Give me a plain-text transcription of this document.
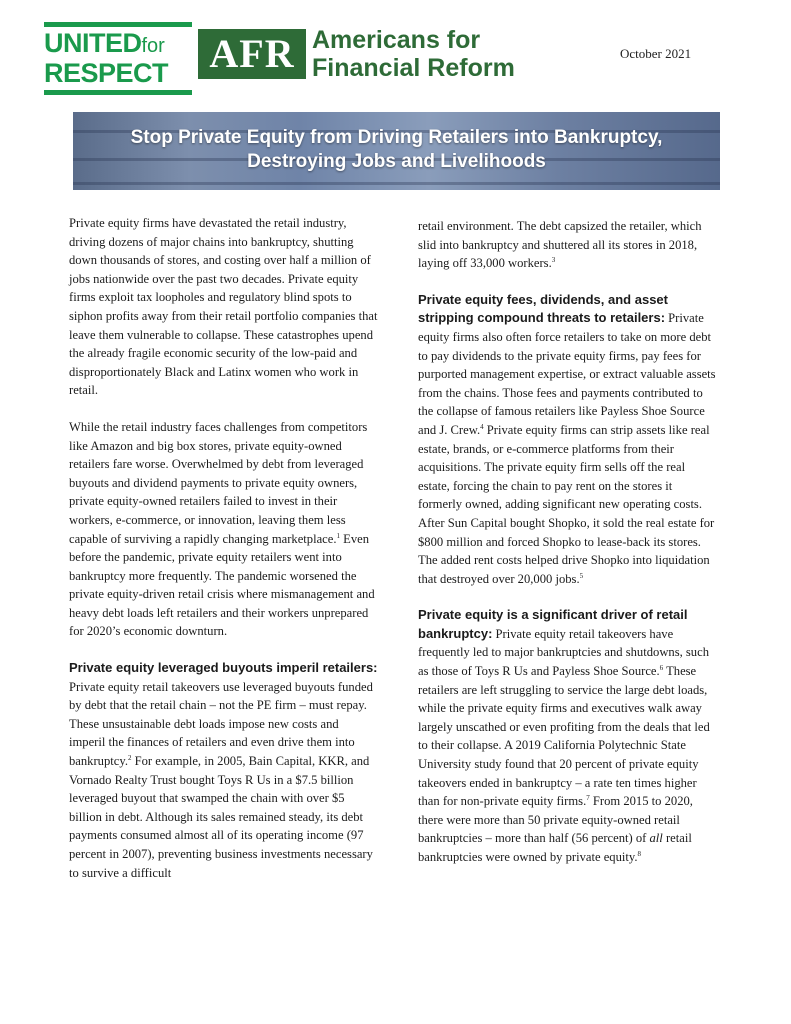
UNITEDfor
RESPECT	AFR Americans for
Financial Reform
October 2021
Stop Private Equity from Driving Retailers into Bankruptcy,
Destroying Jobs and Livelihoods

Private equity firms have devastated the retail industry, driving dozens of major chains into bankruptcy, shutting down thousands of stores, and costing over half a million of jobs nationwide over the past two decades. Private equity firms exploit tax loopholes and regulatory blind spots to siphon profits away from their retail portfolio companies that leave them vulnerable to collapse. These catastrophes upend the already fragile economic security of the low-paid and disproportionately Black and Latinx women who work in retail.

While the retail industry faces challenges from competitors like Amazon and big box stores, private equity-owned retailers fare worse. Overwhelmed by debt from leveraged buyouts and dividend payments to private equity owners, private equity-owned retailers failed to invest in their workers, e-commerce, or innovation, leaving them less capable of surviving a rapidly changing marketplace.$^1$ Even before the pandemic, private equity retailers went into bankruptcy more frequently. The pandemic worsened the private equity-driven retail crisis where mismanagement and heavy debt loads left retailers and their workers unprepared for 2020’s economic downturn.

Private equity leveraged buyouts imperil retailers: Private equity retail takeovers use leveraged buyouts funded by debt that the retail chain – not the PE firm – must repay. These unsustainable debt loads impose new costs and imperil the finances of retailers and even drive them into bankruptcy.$^2$ For example, in 2005, Bain Capital, KKR, and Vornado Realty Trust bought Toys R Us in a $7.5 billion leveraged buyout that swamped the chain with over $5 billion in debt. Although its sales remained steady, its debt payments consumed almost all of its operating income (97 percent in 2007), preventing business investments necessary to survive a difficult

retail environment. The debt capsized the retailer, which slid into bankruptcy and shuttered all its stores in 2018, laying off 33,000 workers.$^3$

Private equity fees, dividends, and asset stripping compound threats to retailers: Private equity firms also often force retailers to take on more debt to pay dividends to the private equity firms, pay fees for purported management expertise, or extract valuable assets from the chains. Those fees and payments contributed to the collapse of famous retailers like Payless Shoe Source and J. Crew.$^4$ Private equity firms can strip assets like real estate, brands, or e-commerce platforms from their acquisitions. The private equity firm sells off the real estate, forcing the chain to pay rent on the stores it formerly owned, adding significant new operating costs. After Sun Capital bought Shopko, it sold the real estate for $800 million and forced Shopko to lease-back its stores. The added rent costs helped drive Shopko into liquidation that destroyed over 20,000 jobs.$^5$

Private equity is a significant driver of retail bankruptcy: Private equity retail takeovers have frequently led to major bankruptcies and shutdowns, such as those of Toys R Us and Payless Shoe Source.$^6$ These retailers are left struggling to service the large debt loads, while the private equity firms and executives walk away largely unscathed or even profiting from the deals that led to their collapse. A 2019 California Polytechnic State University study found that 20 percent of private equity takeovers ended in bankruptcy – a rate ten times higher than for non-private equity firms.$^7$ From 2015 to 2020, there were more than 50 private equity-owned retail bankruptcies – more than half (56 percent) of all retail bankruptcies were owned by private equity.$^8$
